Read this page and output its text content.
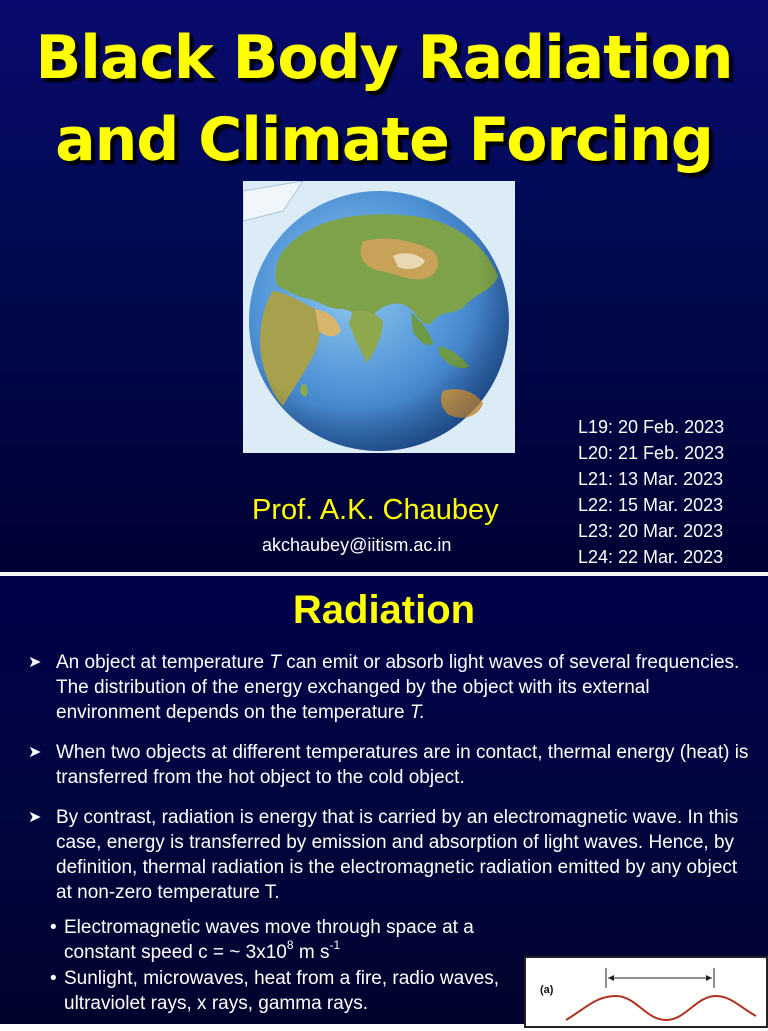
Black Body Radiation
and Climate Forcing
Prof. A.K. Chaubey
akchaubey@iitism.ac.in
L19: 20 Feb. 2023
L20: 21 Feb. 2023
L21: 13 Mar. 2023
L22: 15 Mar. 2023
L23: 20 Mar. 2023
L24: 22 Mar. 2023
Radiation
➤ An object at temperature T can emit or absorb light waves of several frequencies. The distribution of the energy exchanged by the object with its external environment depends on the temperature T.
➤ When two objects at different temperatures are in contact, thermal energy (heat) is transferred from the hot object to the cold object.
➤ By contrast, radiation is energy that is carried by an electromagnetic wave. In this case, energy is transferred by emission and absorption of light waves. Hence, by definition, thermal radiation is the electromagnetic radiation emitted by any object at non-zero temperature T.
• Electromagnetic waves move through space at a constant speed c = ~ $3x10^8$ m $s^{-1}$
• Sunlight, microwaves, heat from a fire, radio waves, ultraviolet rays, x rays, gamma rays.
(a)
